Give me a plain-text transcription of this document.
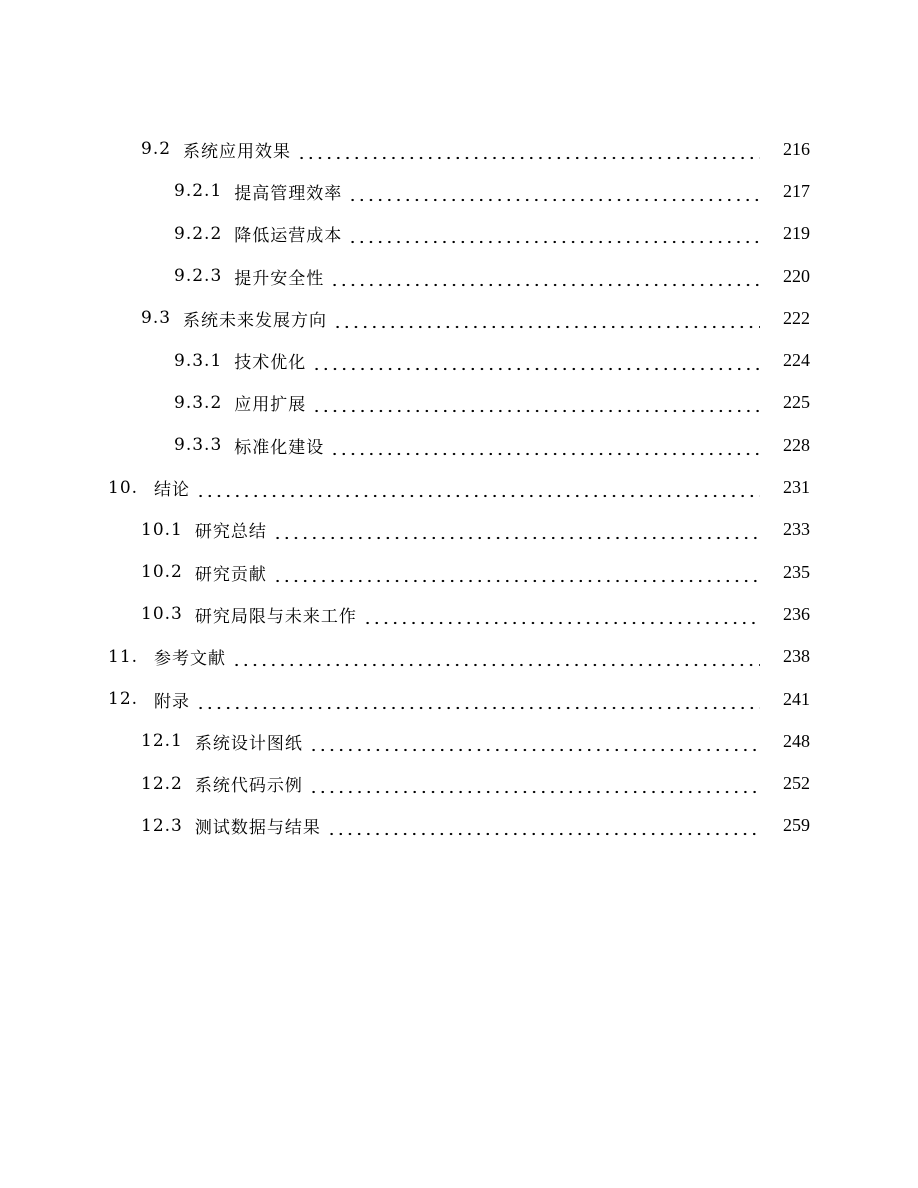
9.2 系统应用效果	216
9.2.1 提高管理效率	217
9.2.2 降低运营成本	219
9.2.3 提升安全性	220
9.3 系统未来发展方向	222
9.3.1 技术优化	224
9.3.2 应用扩展	225
9.3.3 标准化建设	228
10. 结论	231
10.1 研究总结	233
10.2 研究贡献	235
10.3 研究局限与未来工作	236
11. 参考文献	238
12. 附录	241
12.1 系统设计图纸	248
12.2 系统代码示例	252
12.3 测试数据与结果	259
